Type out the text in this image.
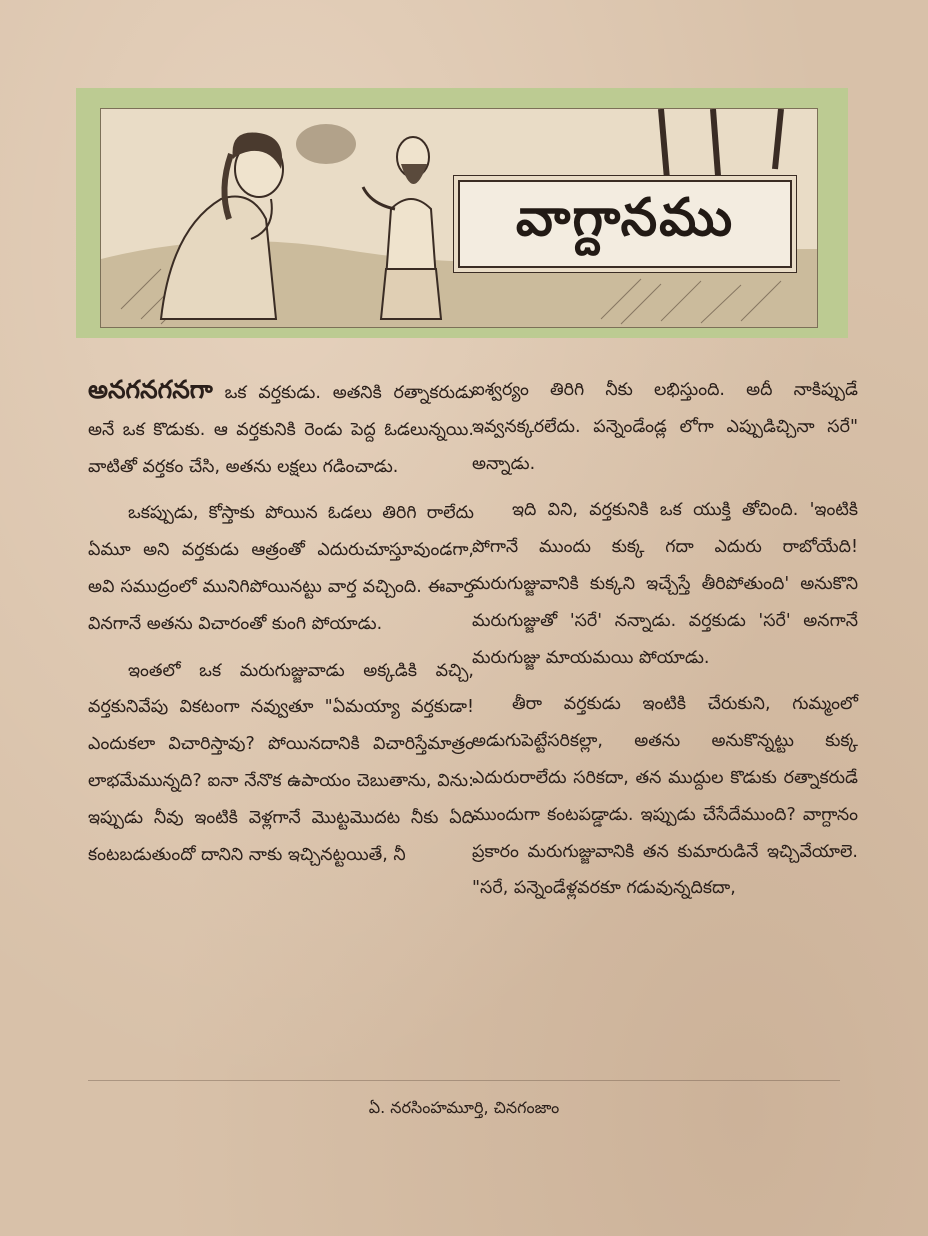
వాగ్దానము

అనగనగనగా ఒక వర్తకుడు. అతనికి రత్నాకరుడు అనే ఒక కొడుకు. ఆ వర్తకునికి రెండు పెద్ద ఓడలున్నయి. వాటితో వర్తకం చేసి, అతను లక్షలు గడించాడు.

ఒకప్పుడు, కోస్తాకు పోయిన ఓడలు తిరిగి రాలేదు ఏమూ అని వర్తకుడు ఆత్రంతో ఎదురుచూస్తూవుండగా, అవి సముద్రంలో మునిగిపోయినట్టు వార్త వచ్చింది. ఈవార్త వినగానే అతను విచారంతో కుంగి పోయాడు.

ఇంతలో ఒక మరుగుజ్జువాడు అక్కడికి వచ్చి, వర్తకునివేపు వికటంగా నవ్వుతూ "ఏమయ్యా వర్తకుడా! ఎందుకలా విచారిస్తావు? పోయినదానికి విచారిస్తేమాత్రం లాభమేమున్నది? ఐనా నేనొక ఉపాయం చెబుతాను, విను: ఇప్పుడు నీవు ఇంటికి వెళ్లగానే మొట్టమొదట నీకు ఏది కంటబడుతుందో దానిని నాకు ఇచ్చినట్టయితే, నీ

ఐశ్వర్యం తిరిగి నీకు లభిస్తుంది. అదీ నాకిప్పుడే ఇవ్వనక్కరలేదు. పన్నెండేండ్ల లోగా ఎప్పుడిచ్చినా సరే" అన్నాడు.

ఇది విని, వర్తకునికి ఒక యుక్తి తోచింది. 'ఇంటికి పోగానే ముందు కుక్క గదా ఎదురు రాబోయేది! మరుగుజ్జువానికి కుక్కని ఇచ్చేస్తే తీరిపోతుంది' అనుకొని మరుగుజ్జుతో 'సరే' నన్నాడు. వర్తకుడు 'సరే' అనగానే మరుగుజ్జు మాయమయి పోయాడు.

తీరా వర్తకుడు ఇంటికి చేరుకుని, గుమ్మంలో అడుగుపెట్టేసరికల్లా, అతను అనుకొన్నట్టు కుక్క ఎదురురాలేదు సరికదా, తన ముద్దుల కొడుకు రత్నాకరుడే ముందుగా కంటపడ్డాడు. ఇప్పుడు చేసేదేముంది? వాగ్దానం ప్రకారం మరుగుజ్జువానికి తన కుమారుడినే ఇచ్చివేయాలె. "సరే, పన్నెండేళ్లవరకూ గడువున్నదికదా,

ఏ. నరసింహమూర్తి, చినగంజాం
